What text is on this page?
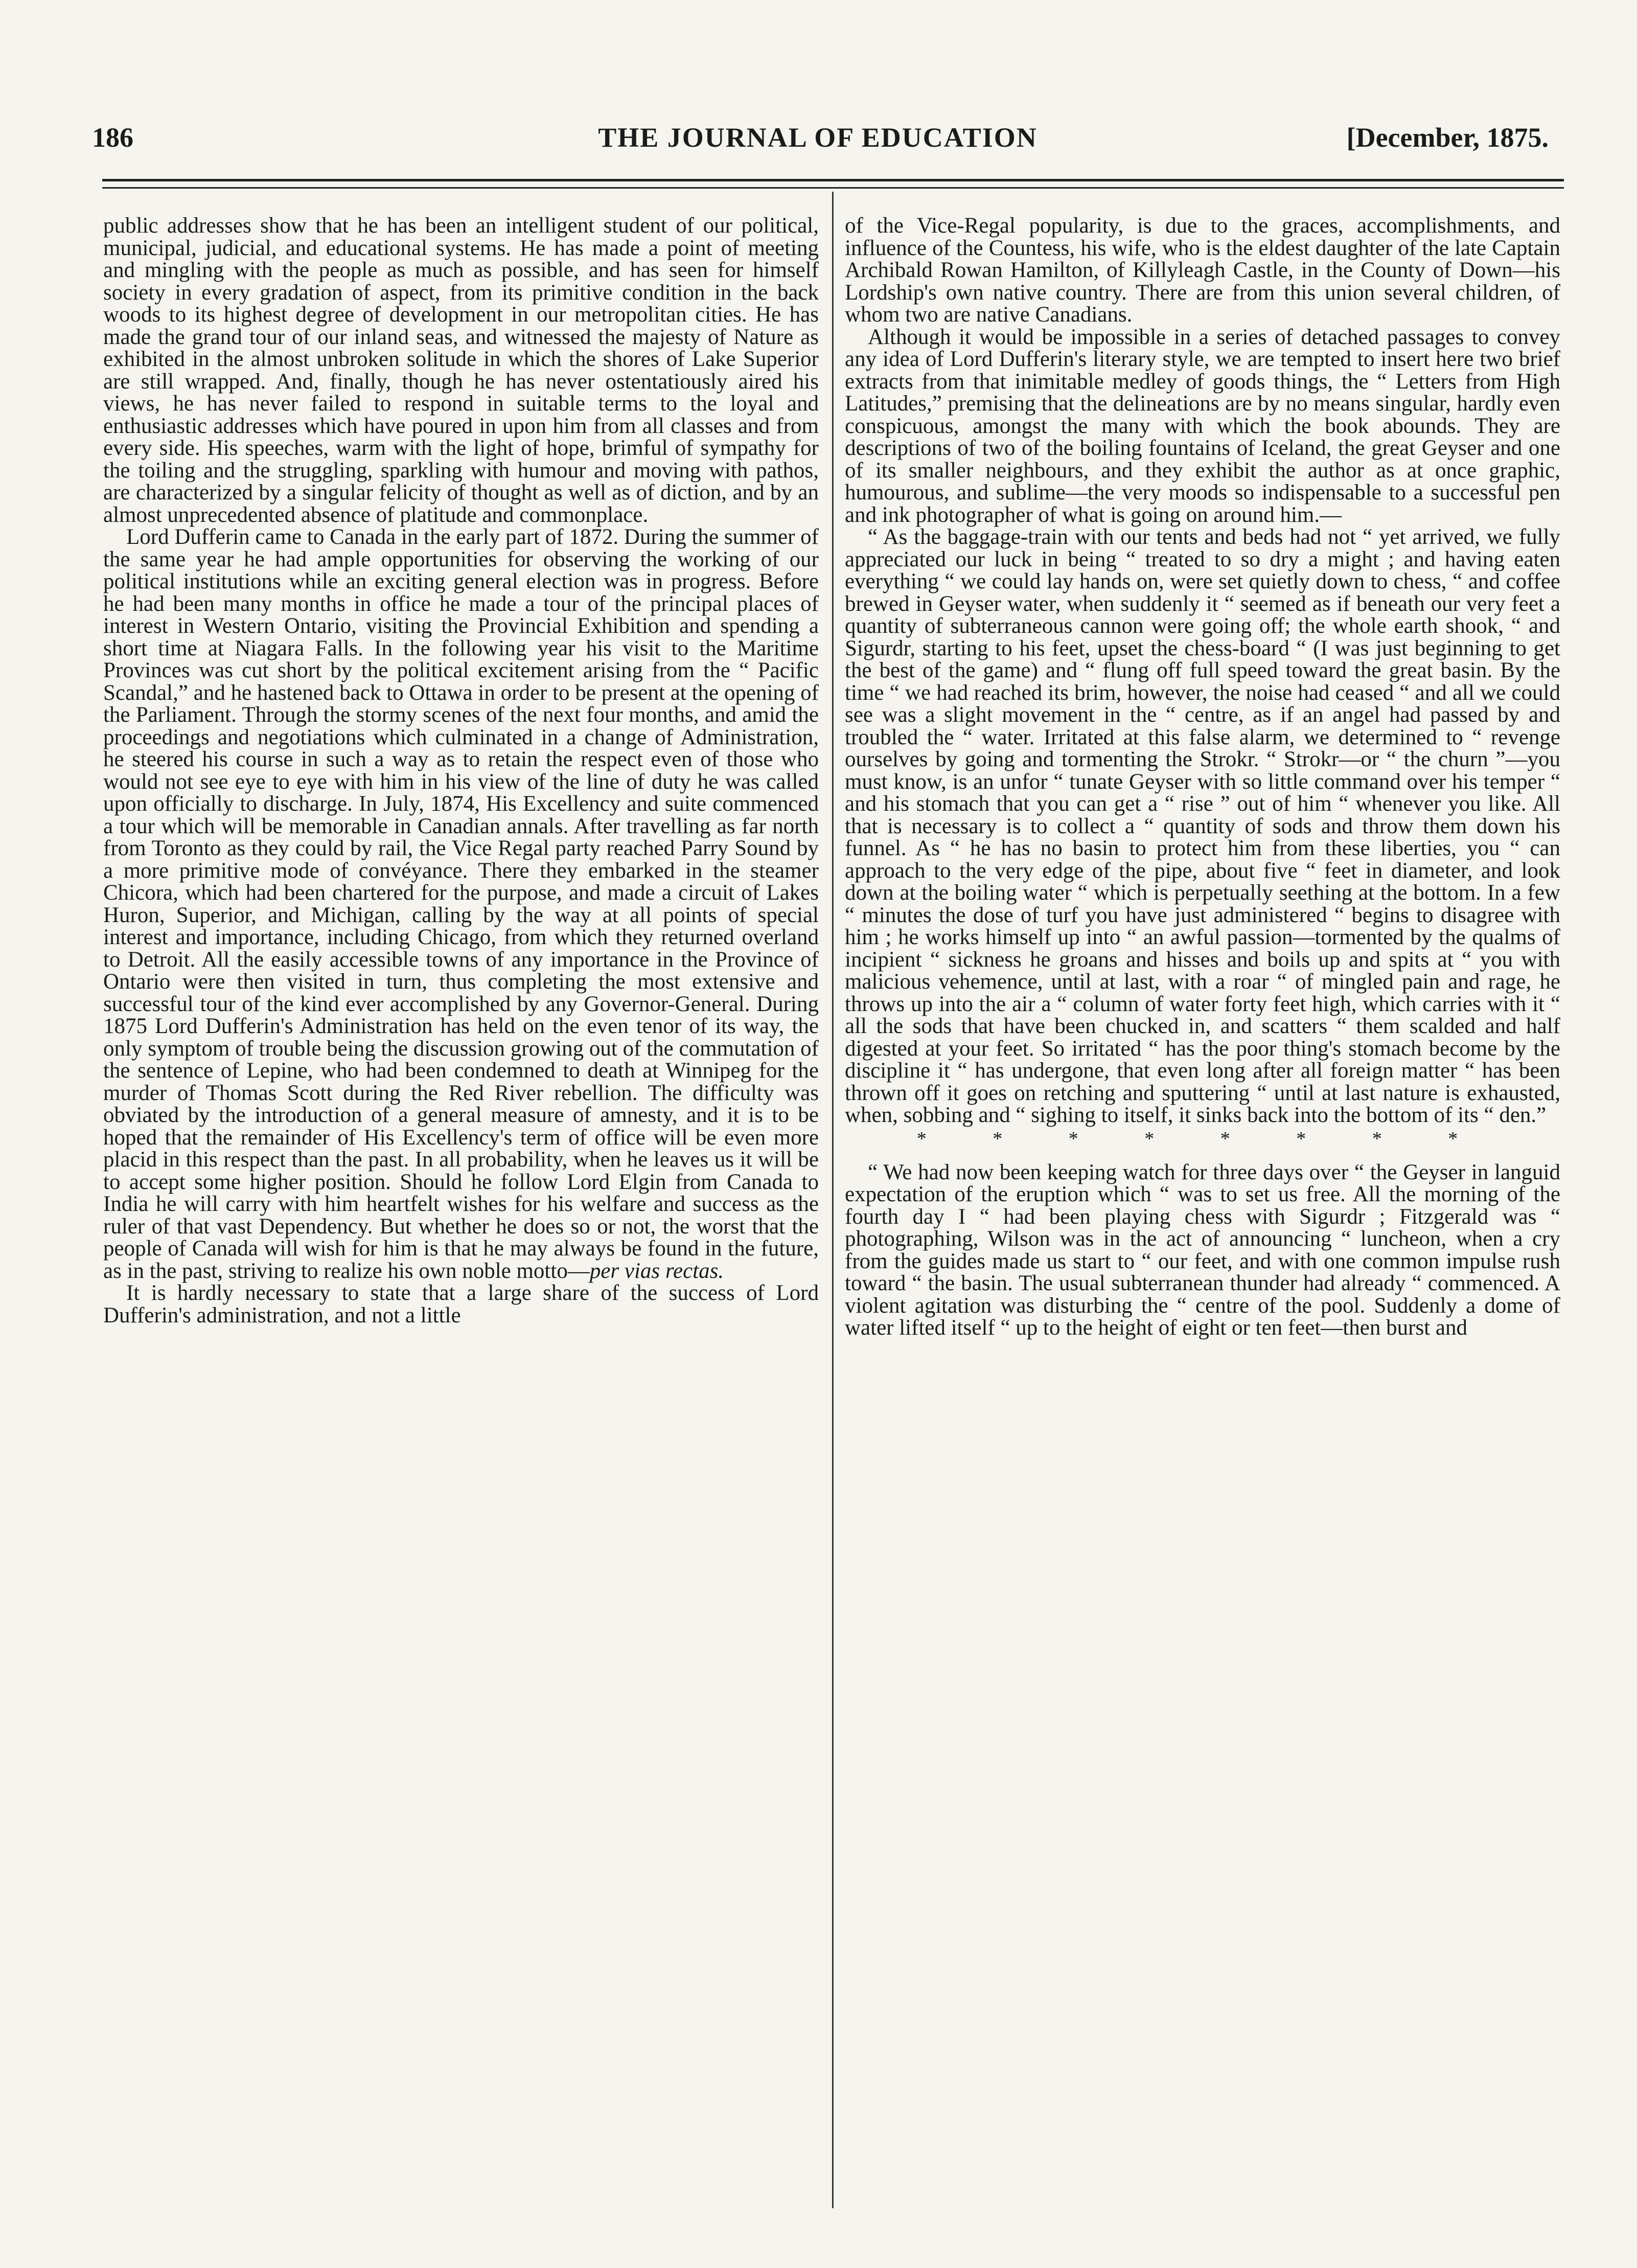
186	THE JOURNAL OF EDUCATION	[December, 1875.

public addresses show that he has been an intelligent student of our political, municipal, judicial, and educational systems. He has made a point of meeting and mingling with the people as much as possible, and has seen for himself society in every gradation of aspect, from its primitive condition in the back woods to its highest degree of development in our metropolitan cities. He has made the grand tour of our inland seas, and witnessed the majesty of Nature as exhibited in the almost unbroken solitude in which the shores of Lake Superior are still wrapped. And, finally, though he has never ostentatiously aired his views, he has never failed to respond in suitable terms to the loyal and enthusiastic addresses which have poured in upon him from all classes and from every side. His speeches, warm with the light of hope, brimful of sympathy for the toiling and the struggling, sparkling with humour and moving with pathos, are characterized by a singular felicity of thought as well as of diction, and by an almost unprecedented absence of platitude and commonplace.

Lord Dufferin came to Canada in the early part of 1872. During the summer of the same year he had ample opportunities for observing the working of our political institutions while an exciting general election was in progress. Before he had been many months in office he made a tour of the principal places of interest in Western Ontario, visiting the Provincial Exhibition and spending a short time at Niagara Falls. In the following year his visit to the Maritime Provinces was cut short by the political excitement arising from the “ Pacific Scandal,” and he hastened back to Ottawa in order to be present at the opening of the Parliament. Through the stormy scenes of the next four months, and amid the proceedings and negotiations which culminated in a change of Administration, he steered his course in such a way as to retain the respect even of those who would not see eye to eye with him in his view of the line of duty he was called upon officially to discharge. In July, 1874, His Excellency and suite commenced a tour which will be memorable in Canadian annals. After travelling as far north from Toronto as they could by rail, the Vice Regal party reached Parry Sound by a more primitive mode of convéyance. There they embarked in the steamer Chicora, which had been chartered for the purpose, and made a circuit of Lakes Huron, Superior, and Michigan, calling by the way at all points of special interest and importance, including Chicago, from which they returned overland to Detroit. All the easily accessible towns of any importance in the Province of Ontario were then visited in turn, thus completing the most extensive and successful tour of the kind ever accomplished by any Governor-General. During 1875 Lord Dufferin's Administration has held on the even tenor of its way, the only symptom of trouble being the discussion growing out of the commutation of the sentence of Lepine, who had been condemned to death at Winnipeg for the murder of Thomas Scott during the Red River rebellion. The difficulty was obviated by the introduction of a general measure of amnesty, and it is to be hoped that the remainder of His Excellency's term of office will be even more placid in this respect than the past. In all probability, when he leaves us it will be to accept some higher position. Should he follow Lord Elgin from Canada to India he will carry with him heartfelt wishes for his welfare and success as the ruler of that vast Dependency. But whether he does so or not, the worst that the people of Canada will wish for him is that he may always be found in the future, as in the past, striving to realize his own noble motto—per vias rectas.

It is hardly necessary to state that a large share of the success of Lord Dufferin's administration, and not a little

of the Vice-Regal popularity, is due to the graces, accomplishments, and influence of the Countess, his wife, who is the eldest daughter of the late Captain Archibald Rowan Hamilton, of Killyleagh Castle, in the County of Down—his Lordship's own native country. There are from this union several children, of whom two are native Canadians.

Although it would be impossible in a series of detached passages to convey any idea of Lord Dufferin's literary style, we are tempted to insert here two brief extracts from that inimitable medley of goods things, the “ Letters from High Latitudes,” premising that the delineations are by no means singular, hardly even conspicuous, amongst the many with which the book abounds. They are descriptions of two of the boiling fountains of Iceland, the great Geyser and one of its smaller neighbours, and they exhibit the author as at once graphic, humourous, and sublime—the very moods so indispensable to a successful pen and ink photographer of what is going on around him.—

“ As the baggage-train with our tents and beds had not “ yet arrived, we fully appreciated our luck in being “ treated to so dry a might ; and having eaten everything “ we could lay hands on, were set quietly down to chess, “ and coffee brewed in Geyser water, when suddenly it “ seemed as if beneath our very feet a quantity of subterraneous cannon were going off; the whole earth shook, “ and Sigurdr, starting to his feet, upset the chess-board “ (I was just beginning to get the best of the game) and “ flung off full speed toward the great basin. By the time “ we had reached its brim, however, the noise had ceased “ and all we could see was a slight movement in the “ centre, as if an angel had passed by and troubled the “ water. Irritated at this false alarm, we determined to “ revenge ourselves by going and tormenting the Strokr. “ Strokr—or “ the churn ”—you must know, is an unfor “ tunate Geyser with so little command over his temper “ and his stomach that you can get a “ rise ” out of him “ whenever you like. All that is necessary is to collect a “ quantity of sods and throw them down his funnel. As “ he has no basin to protect him from these liberties, you “ can approach to the very edge of the pipe, about five “ feet in diameter, and look down at the boiling water “ which is perpetually seething at the bottom. In a few “ minutes the dose of turf you have just administered “ begins to disagree with him ; he works himself up into “ an awful passion—tormented by the qualms of incipient “ sickness he groans and hisses and boils up and spits at “ you with malicious vehemence, until at last, with a roar “ of mingled pain and rage, he throws up into the air a “ column of water forty feet high, which carries with it “ all the sods that have been chucked in, and scatters “ them scalded and half digested at your feet. So irritated “ has the poor thing's stomach become by the discipline it “ has undergone, that even long after all foreign matter “ has been thrown off it goes on retching and sputtering “ until at last nature is exhausted, when, sobbing and “ sighing to itself, it sinks back into the bottom of its “ den.”

* * * * * * * *

“ We had now been keeping watch for three days over “ the Geyser in languid expectation of the eruption which “ was to set us free. All the morning of the fourth day I “ had been playing chess with Sigurdr ; Fitzgerald was “ photographing, Wilson was in the act of announcing “ luncheon, when a cry from the guides made us start to “ our feet, and with one common impulse rush toward “ the basin. The usual subterranean thunder had already “ commenced. A violent agitation was disturbing the “ centre of the pool. Suddenly a dome of water lifted itself “ up to the height of eight or ten feet—then burst and
